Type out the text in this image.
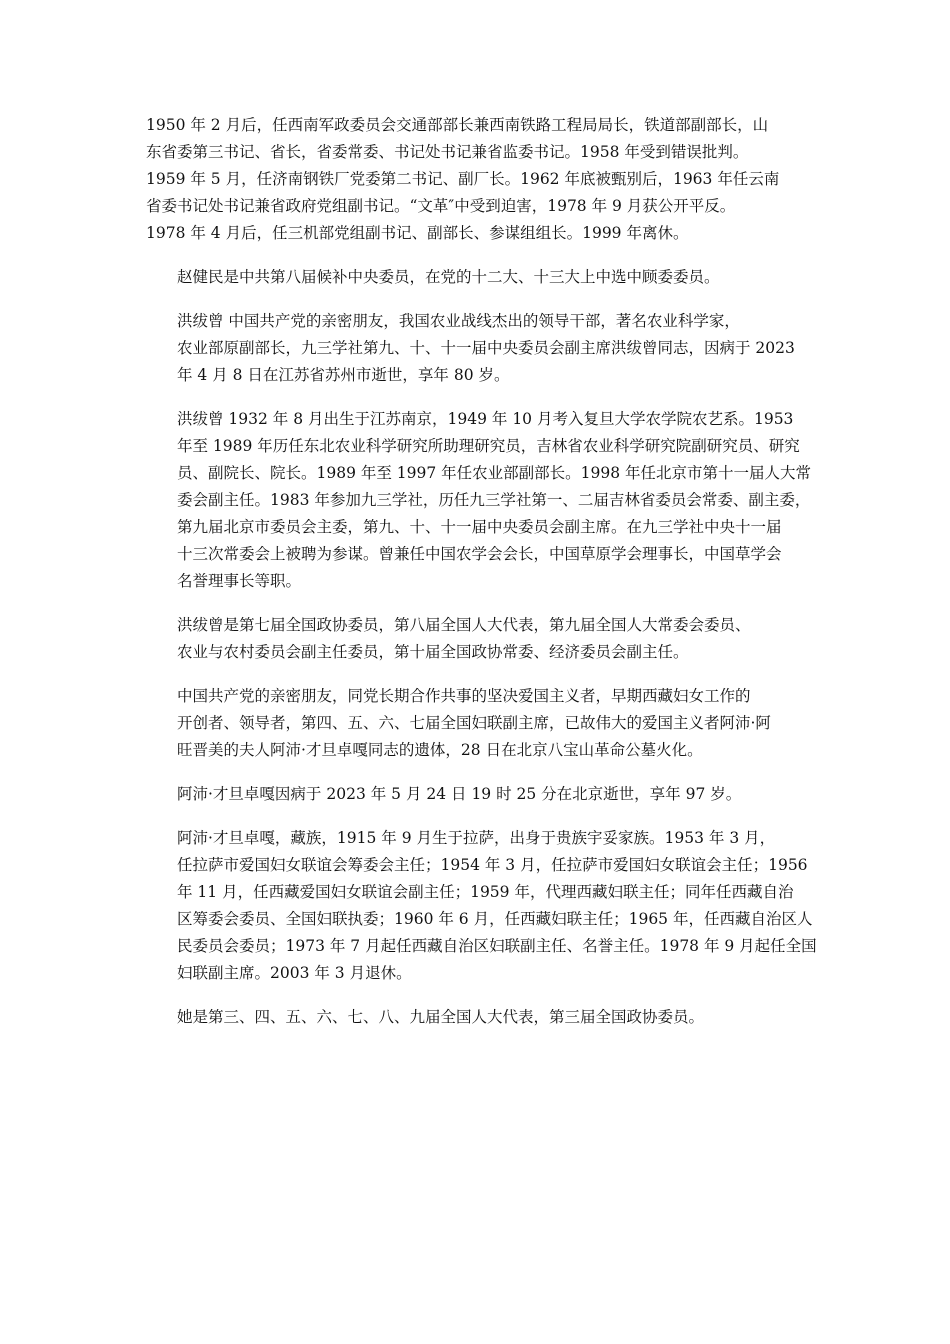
1950 年 2 月后，任西南军政委员会交通部部长兼西南铁路工程局局长，铁道部副部长，山
东省委第三书记、省长，省委常委、书记处书记兼省监委书记。1958 年受到错误批判。
1959 年 5 月，任济南钢铁厂党委第二书记、副厂长。1962 年底被甄别后，1963 年任云南
省委书记处书记兼省政府党组副书记。“文革″中受到迫害，1978 年 9 月获公开平反。
1978 年 4 月后，任三机部党组副书记、副部长、参谋组组长。1999 年离休。

赵健民是中共第八届候补中央委员，在党的十二大、十三大上中选中顾委委员。

洪绂曾 中国共产党的亲密朋友，我国农业战线杰出的领导干部，著名农业科学家，
农业部原副部长，九三学社第九、十、十一届中央委员会副主席洪绂曾同志，因病于 2023
年 4 月 8 日在江苏省苏州市逝世，享年 80 岁。

洪绂曾 1932 年 8 月出生于江苏南京，1949 年 10 月考入复旦大学农学院农艺系。1953
年至 1989 年历任东北农业科学研究所助理研究员，吉林省农业科学研究院副研究员、研究
员、副院长、院长。1989 年至 1997 年任农业部副部长。1998 年任北京市第十一届人大常
委会副主任。1983 年参加九三学社，历任九三学社第一、二届吉林省委员会常委、副主委，
第九届北京市委员会主委，第九、十、十一届中央委员会副主席。在九三学社中央十一届
十三次常委会上被聘为参谋。曾兼任中国农学会会长，中国草原学会理事长，中国草学会
名誉理事长等职。

洪绂曾是第七届全国政协委员，第八届全国人大代表，第九届全国人大常委会委员、
农业与农村委员会副主任委员，第十届全国政协常委、经济委员会副主任。

中国共产党的亲密朋友，同党长期合作共事的坚决爱国主义者，早期西藏妇女工作的
开创者、领导者，第四、五、六、七届全国妇联副主席，已故伟大的爱国主义者阿沛·阿
旺晋美的夫人阿沛·才旦卓嘎同志的遗体，28 日在北京八宝山革命公墓火化。

阿沛·才旦卓嘎因病于 2023 年 5 月 24 日 19 时 25 分在北京逝世，享年 97 岁。

阿沛·才旦卓嘎，藏族，1915 年 9 月生于拉萨，出身于贵族宇妥家族。1953 年 3 月，
任拉萨市爱国妇女联谊会筹委会主任；1954 年 3 月，任拉萨市爱国妇女联谊会主任；1956
年 11 月，任西藏爱国妇女联谊会副主任；1959 年，代理西藏妇联主任；同年任西藏自治
区筹委会委员、全国妇联执委；1960 年 6 月，任西藏妇联主任；1965 年，任西藏自治区人
民委员会委员；1973 年 7 月起任西藏自治区妇联副主任、名誉主任。1978 年 9 月起任全国
妇联副主席。2003 年 3 月退休。

她是第三、四、五、六、七、八、九届全国人大代表，第三届全国政协委员。
